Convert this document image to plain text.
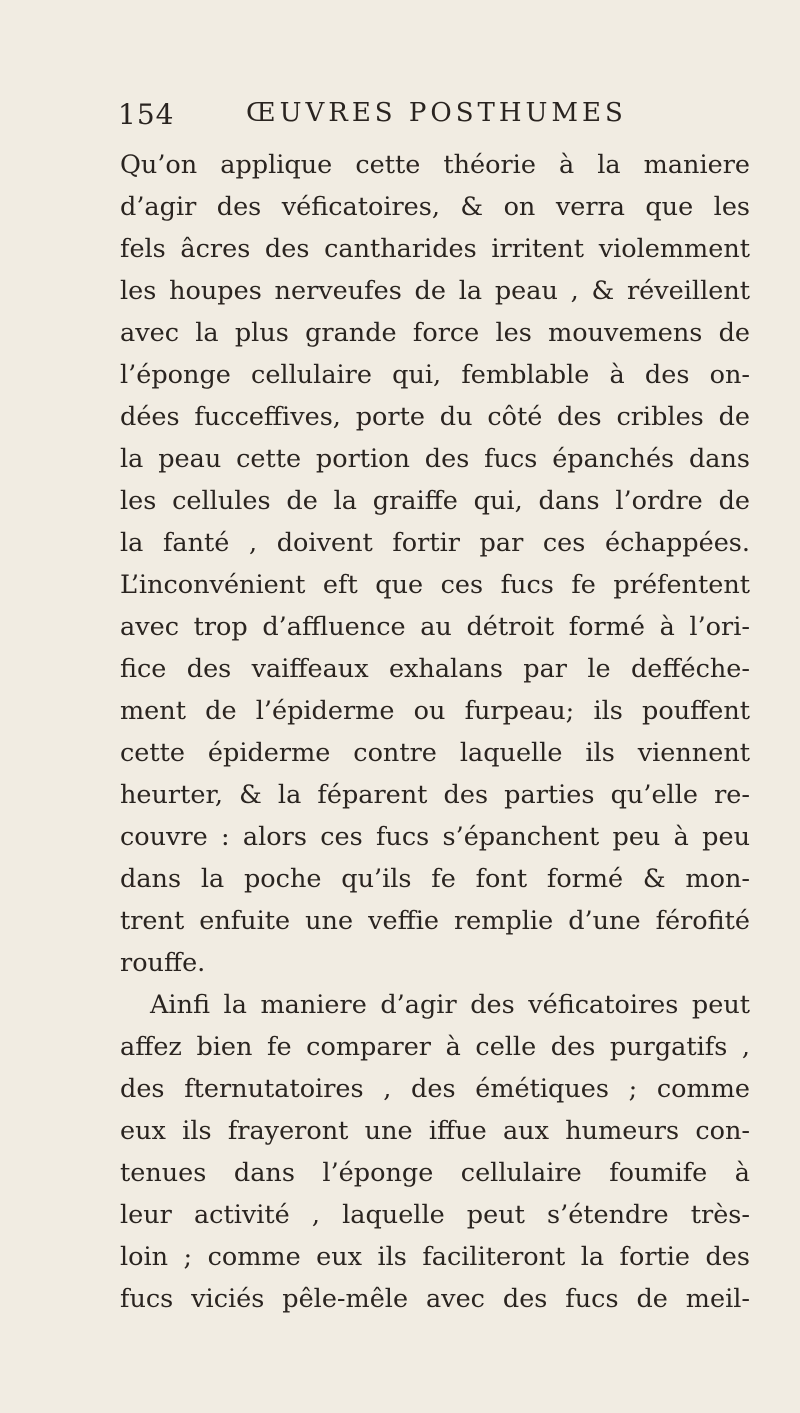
154	ŒUVRES POSTHUMES
Qu’on applique cette théorie à la maniere
d’agir des véficatoires, & on verra que les
fels âcres des cantharides irritent violemment
les houpes nerveufes de la peau , & réveillent
avec la plus grande force les mouvemens de
l’éponge cellulaire qui, femblable à des on-
dées fucceffives, porte du côté des cribles de
la peau cette portion des fucs épanchés dans
les cellules de la graiffe qui, dans l’ordre de
la fanté , doivent fortir par ces échappées.
L’inconvénient eft que ces fucs fe préfentent
avec trop d’affluence au détroit formé à l’ori-
fice des vaiffeaux exhalans par le defféche-
ment de l’épiderme ou furpeau; ils pouffent
cette épiderme contre laquelle ils viennent
heurter, & la féparent des parties qu’elle re-
couvre : alors ces fucs s’épanchent peu à peu
dans la poche qu’ils fe font formé & mon-
trent enfuite une veffie remplie d’une férofité
rouffe.
Ainfi la maniere d’agir des véficatoires peut
affez bien fe comparer à celle des purgatifs ,
des fternutatoires , des émétiques ; comme
eux ils frayeront une iffue aux humeurs con-
tenues dans l’éponge cellulaire foumife à
leur activité , laquelle peut s’étendre très-
loin ; comme eux ils faciliteront la fortie des
fucs viciés pêle-mêle avec des fucs de meil-
